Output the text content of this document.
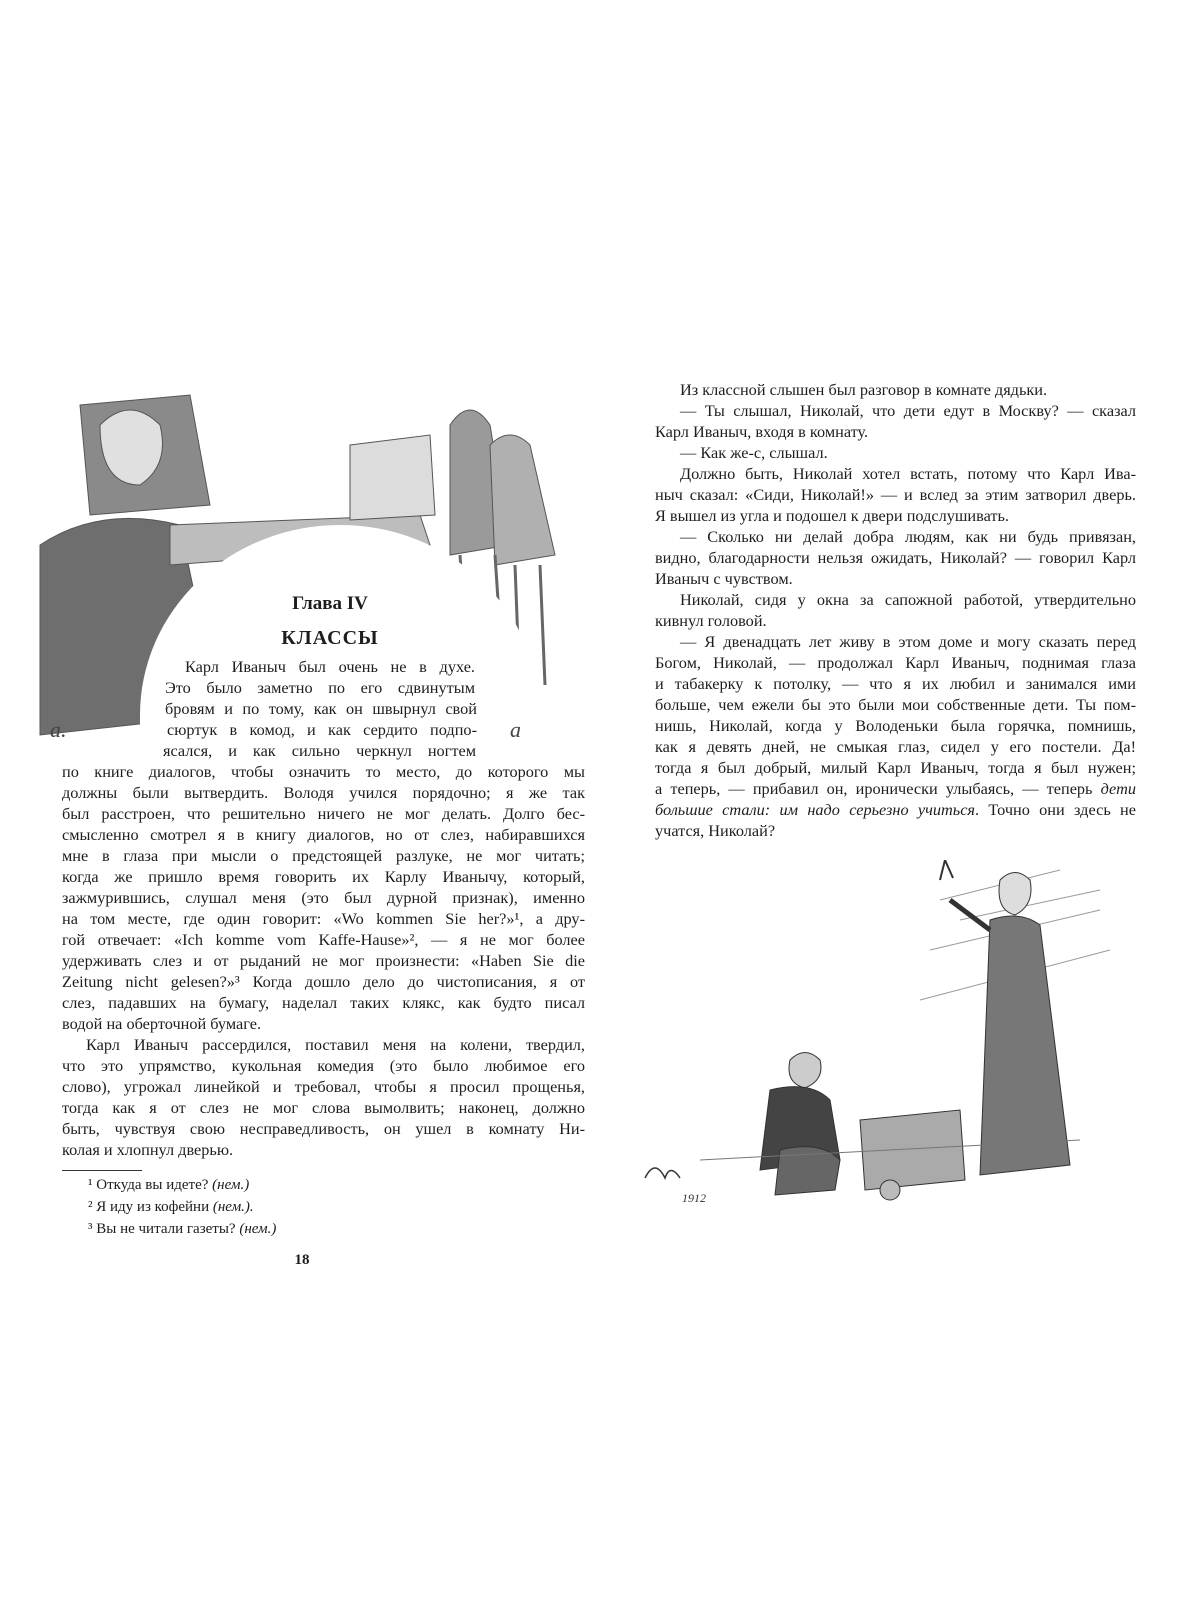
a.	a
Глава IV
КЛАССЫ
Карл Иваныч был очень не в духе.
Это было заметно по его сдвинутым
бровям и по тому, как он швырнул свой
сюртук в комод, и как сердито подпо-
ясался, и как сильно черкнул ногтем
по книге диалогов, чтобы означить то место, до которого мы
должны были вытвердить. Володя учился порядочно; я же так
был расстроен, что решительно ничего не мог делать. Долго бес-
смысленно смотрел я в книгу диалогов, но от слез, набиравшихся
мне в глаза при мысли о предстоящей разлуке, не мог читать;
когда же пришло время говорить их Карлу Иванычу, который,
зажмурившись, слушал меня (это был дурной признак), именно
на том месте, где один говорит: «Wo kommen Sie her?»¹, а дру-
гой отвечает: «Ich komme vom Kaffe-Hause»², — я не мог более
удерживать слез и от рыданий не мог произнести: «Haben Sie die
Zeitung nicht gelesen?»³ Когда дошло дело до чистописания, я от
слез, падавших на бумагу, наделал таких клякс, как будто писал
водой на оберточной бумаге.
Карл Иваныч рассердился, поставил меня на колени, твердил,
что это упрямство, кукольная комедия (это было любимое его
слово), угрожал линейкой и требовал, чтобы я просил прощенья,
тогда как я от слез не мог слова вымолвить; наконец, должно
быть, чувствуя свою несправедливость, он ушел в комнату Ни-
колая и хлопнул дверью.
¹ Откуда вы идете? (нем.)
² Я иду из кофейни (нем.).
³ Вы не читали газеты? (нем.)
18
Из классной слышен был разговор в комнате дядьки.
— Ты слышал, Николай, что дети едут в Москву? — сказал
Карл Иваныч, входя в комнату.
— Как же-с, слышал.
Должно быть, Николай хотел встать, потому что Карл Ива-
ныч сказал: «Сиди, Николай!» — и вслед за этим затворил дверь.
Я вышел из угла и подошел к двери подслушивать.
— Сколько ни делай добра людям, как ни будь привязан,
видно, благодарности нельзя ожидать, Николай? — говорил Карл
Иваныч с чувством.
Николай, сидя у окна за сапожной работой, утвердительно
кивнул головой.
— Я двенадцать лет живу в этом доме и могу сказать перед
Богом, Николай, — продолжал Карл Иваныч, поднимая глаза
и табакерку к потолку, — что я их любил и занимался ими
больше, чем ежели бы это были мои собственные дети. Ты пом-
нишь, Николай, когда у Володеньки была горячка, помнишь,
как я девять дней, не смыкая глаз, сидел у его постели. Да!
тогда я был добрый, милый Карл Иваныч, тогда я был нужен;
а теперь, — прибавил он, иронически улыбаясь, — теперь дети
большие стали: им надо серьезно учиться. Точно они здесь не
учатся, Николай?
1912
